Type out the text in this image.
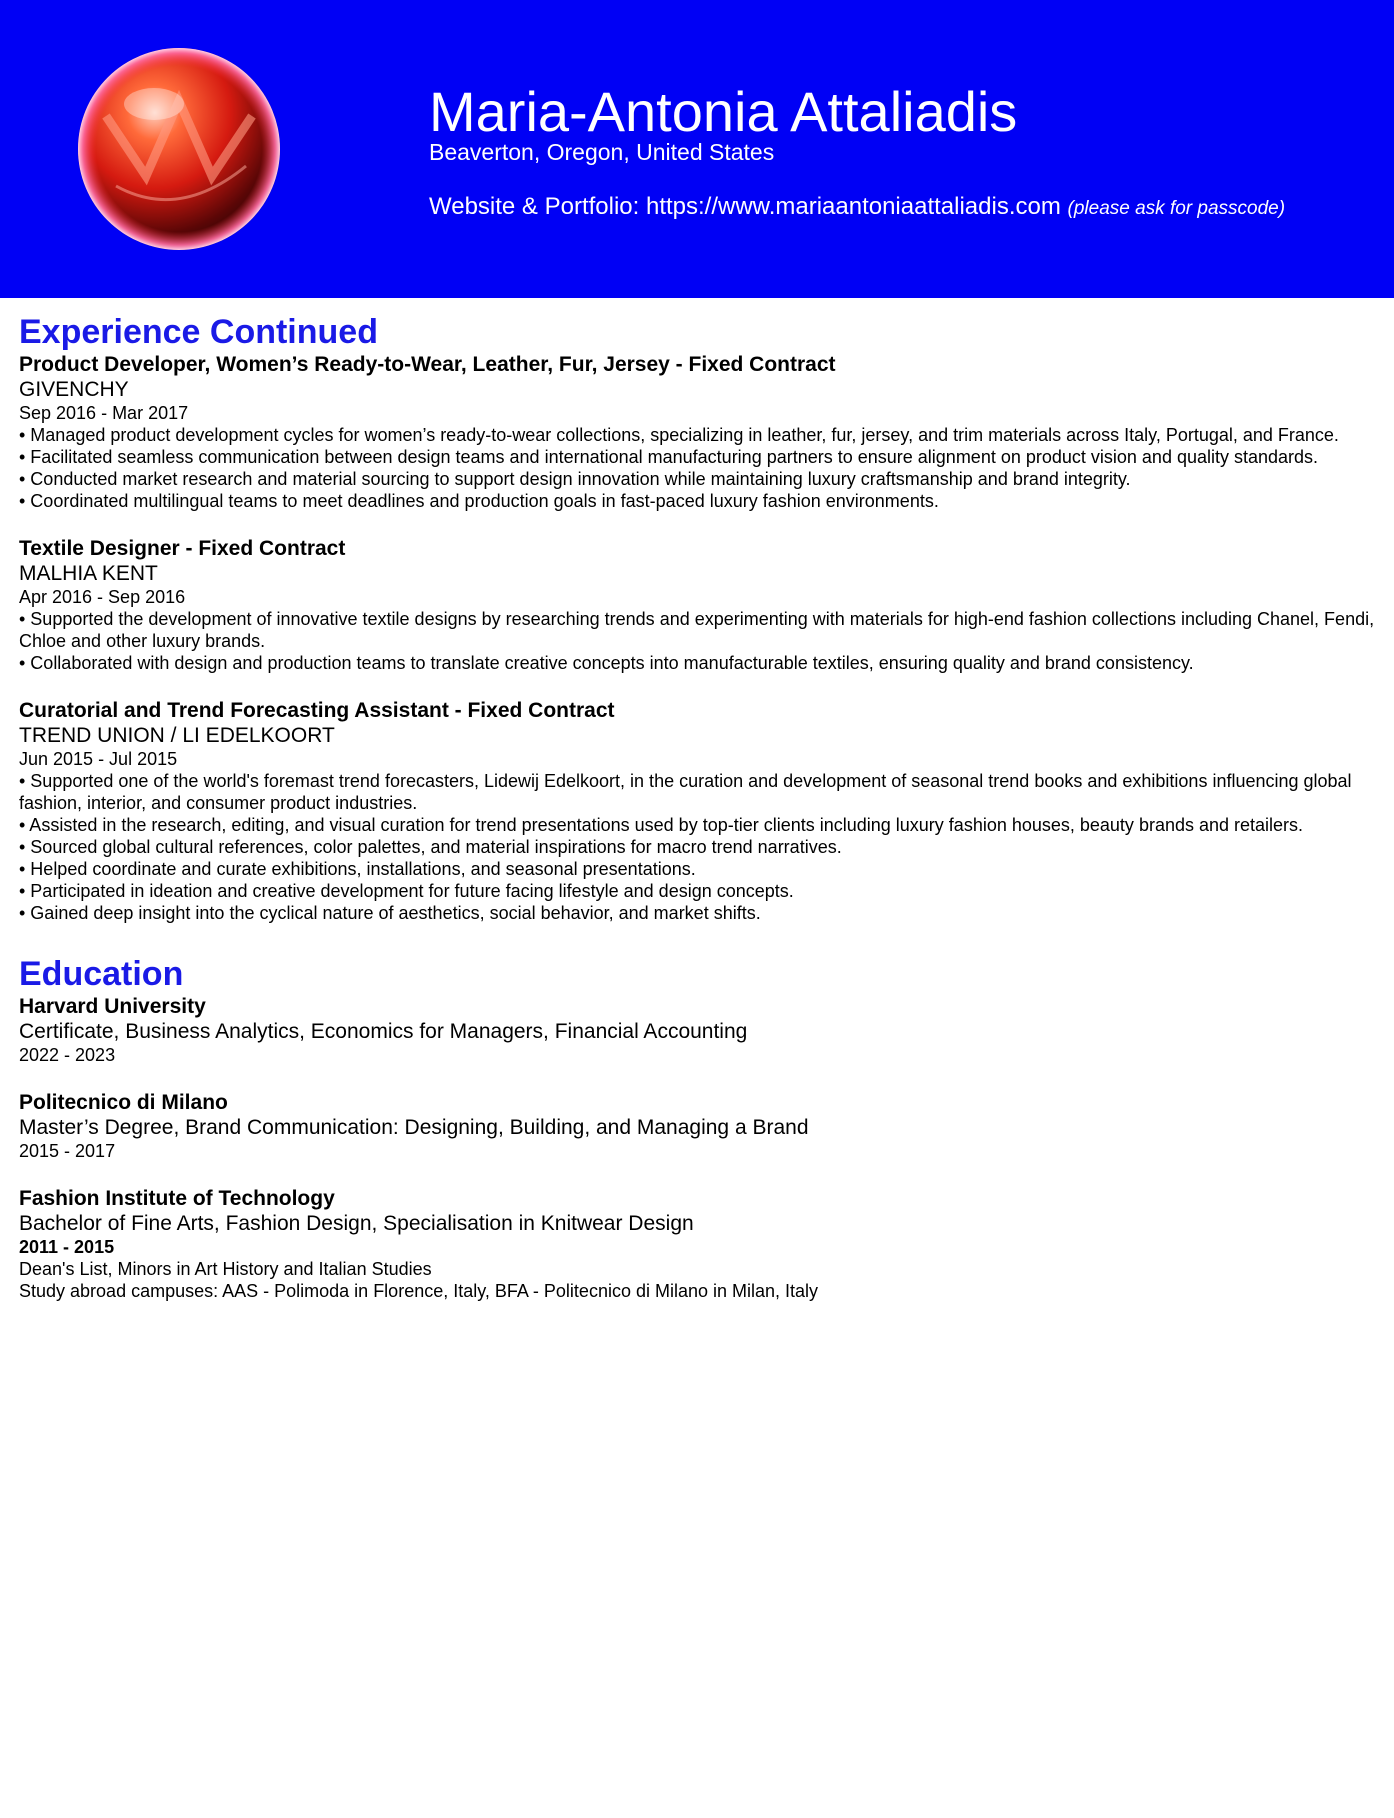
Maria-Antonia Attaliadis
Beaverton, Oregon, United States
Website & Portfolio: https://www.mariaantoniaattaliadis.com (please ask for passcode)
Experience Continued
Product Developer, Women’s Ready-to-Wear, Leather, Fur, Jersey - Fixed Contract
GIVENCHY
Sep 2016 - Mar 2017
• Managed product development cycles for women’s ready-to-wear collections, specializing in leather, fur, jersey, and trim materials across Italy, Portugal, and France.
• Facilitated seamless communication between design teams and international manufacturing partners to ensure alignment on product vision and quality standards.
• Conducted market research and material sourcing to support design innovation while maintaining luxury craftsmanship and brand integrity.
• Coordinated multilingual teams to meet deadlines and production goals in fast-paced luxury fashion environments.
Textile Designer - Fixed Contract
MALHIA KENT
Apr 2016 - Sep 2016
• Supported the development of innovative textile designs by researching trends and experimenting with materials for high-end fashion collections including Chanel, Fendi, Chloe and other luxury brands.
• Collaborated with design and production teams to translate creative concepts into manufacturable textiles, ensuring quality and brand consistency.
Curatorial and Trend Forecasting Assistant - Fixed Contract
TREND UNION / LI EDELKOORT
Jun 2015 - Jul 2015
• Supported one of the world's foremast trend forecasters, Lidewij Edelkoort, in the curation and development of seasonal trend books and exhibitions influencing global fashion, interior, and consumer product industries.
• Assisted in the research, editing, and visual curation for trend presentations used by top-tier clients including luxury fashion houses, beauty brands and retailers.
• Sourced global cultural references, color palettes, and material inspirations for macro trend narratives.
• Helped coordinate and curate exhibitions, installations, and seasonal presentations.
• Participated in ideation and creative development for future facing lifestyle and design concepts.
• Gained deep insight into the cyclical nature of aesthetics, social behavior, and market shifts.
Education
Harvard University
Certificate, Business Analytics, Economics for Managers, Financial Accounting
2022 - 2023
Politecnico di Milano
Master’s Degree, Brand Communication: Designing, Building, and Managing a Brand
2015 - 2017
Fashion Institute of Technology
Bachelor of Fine Arts, Fashion Design, Specialisation in Knitwear Design
2011 - 2015
Dean's List, Minors in Art History and Italian Studies
Study abroad campuses: AAS - Polimoda in Florence, Italy, BFA - Politecnico di Milano in Milan, Italy
